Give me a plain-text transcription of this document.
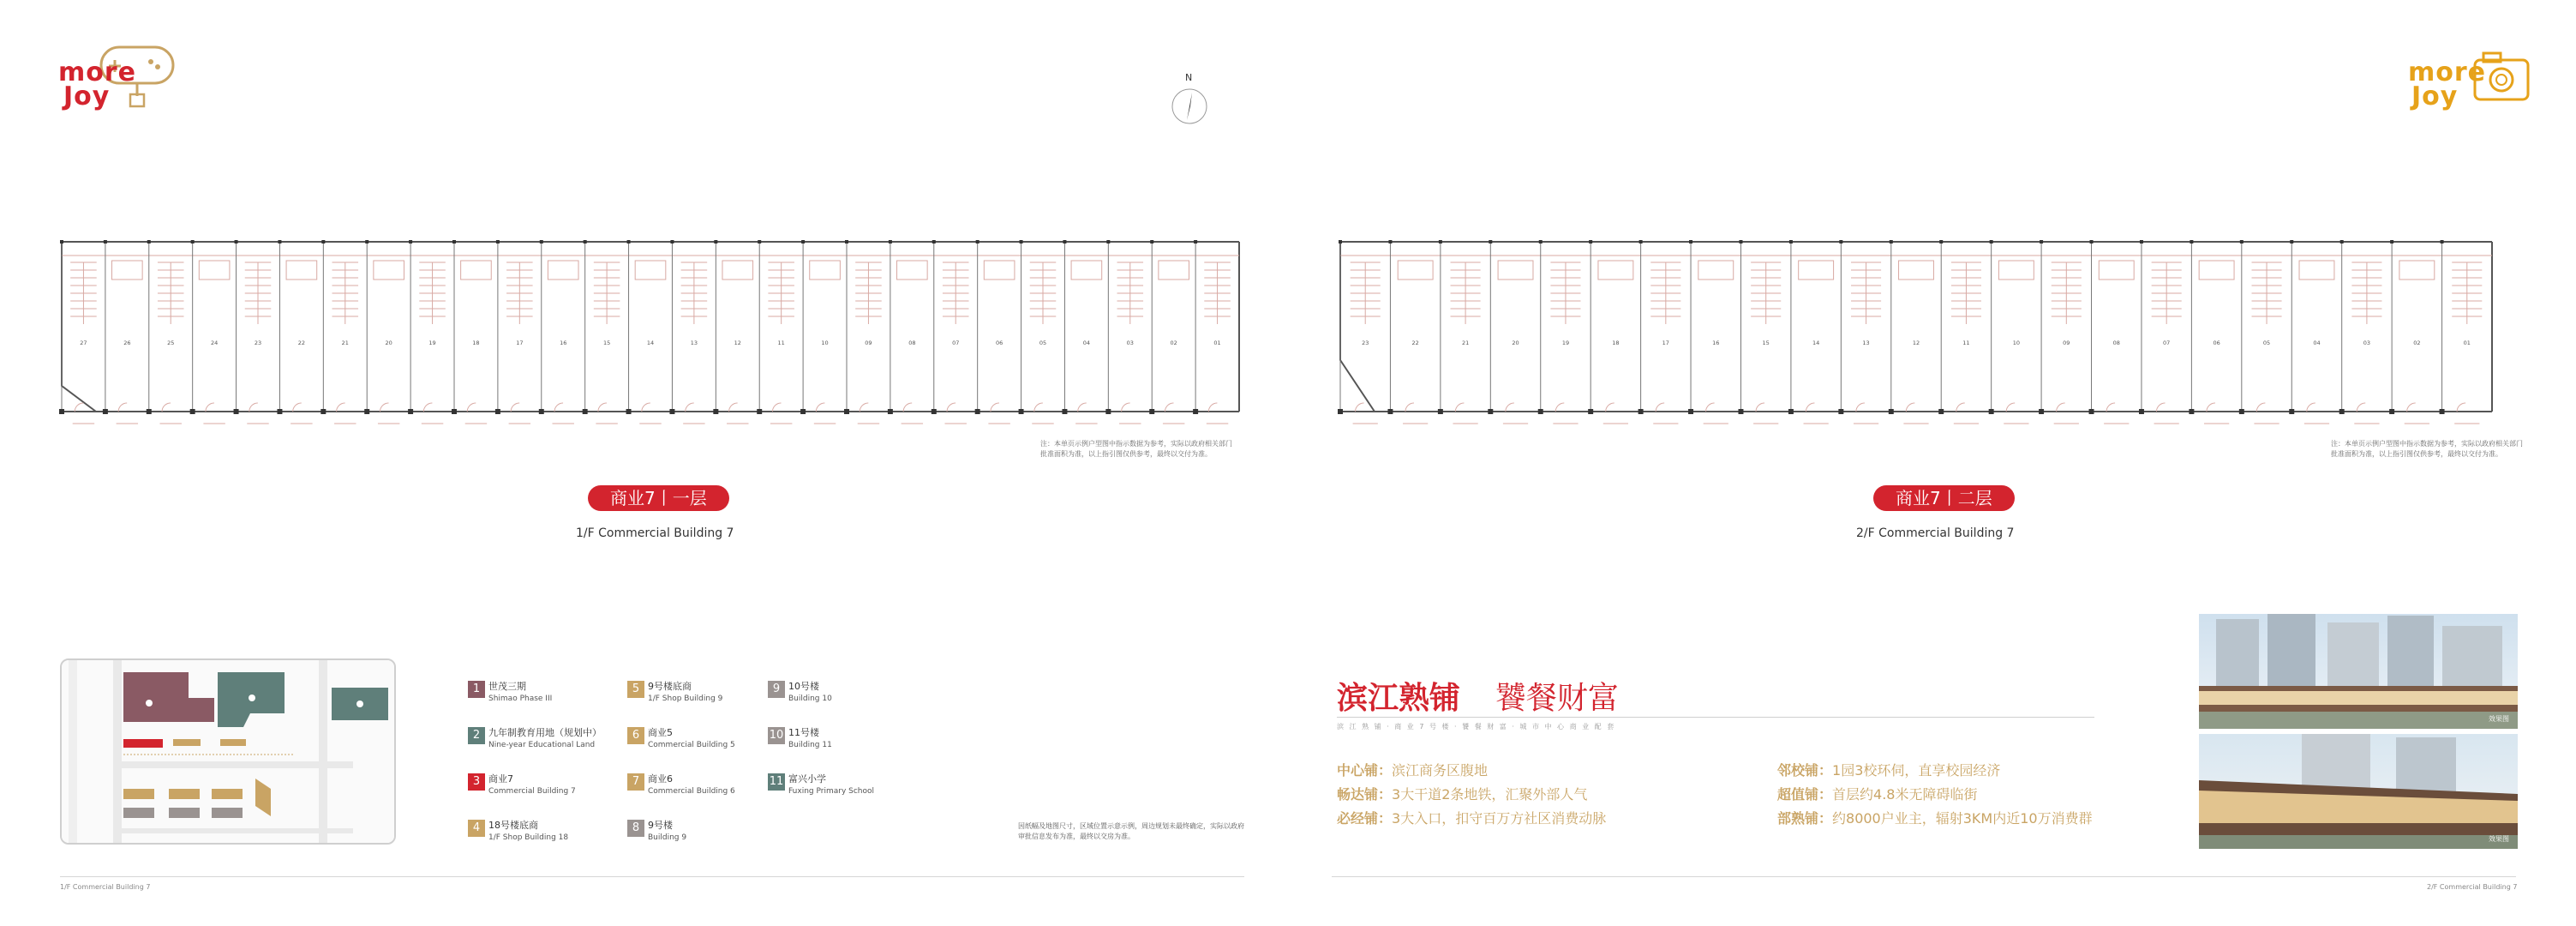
more
Joy
N	more
Joy
27	26	25	24	23	22	21	20	19	18	17	16	15	14	13	12	11	10	09	08	07	06	05	04	03	02	01	23	22	21	20	19	18	17	16	15	14	13	12	11	10	09	08	07	06	05	04	03	02	01
注：本单页示例户型图中指示数据为参考，实际以政府相关部门批准面积为准，以上指引图仅供参考，最终以交付为准。
注：本单页示例户型图中指示数据为参考，实际以政府相关部门批准面积为准，以上指引图仅供参考，最终以交付为准。
商业7丨一层
1/F Commercial Building 7
商业7丨二层
2/F Commercial Building 7
1 世茂三期
Shimao Phase III
2 九年制教育用地（规划中）
Nine-year Educational Land
3 商业7
Commercial Building 7
4 18号楼底商
1/F Shop Building 18
5 9号楼底商
1/F Shop Building 9
6 商业5
Commercial Building 5
7 商业6
Commercial Building 6
8 9号楼
Building 9
9 10号楼
Building 10
10 11号楼
Building 11
11 富兴小学
Fuxing Primary School
因纸幅及地图尺寸，区域位置示意示例，周边规划未最终确定，实际以政府审批信息发布为准，最终以交房为准。
1/F Commercial Building 7	2/F Commercial Building 7
滨江熟铺 饕餐财富
滨 江 熟 铺 · 商 业 7 号 楼 · 饕 餐 财 富 · 城 市 中 心 商 业 配 套
中心铺：滨江商务区腹地
畅达铺：3大干道2条地铁，汇聚外部人气
必经铺：3大入口，扣守百万方社区消费动脉
邻校铺：1园3校环伺，直享校园经济
超值铺：首层约4.8米无障碍临街
部熟铺：约8000户业主，辐射3KM内近10万消费群
效果图
效果图
